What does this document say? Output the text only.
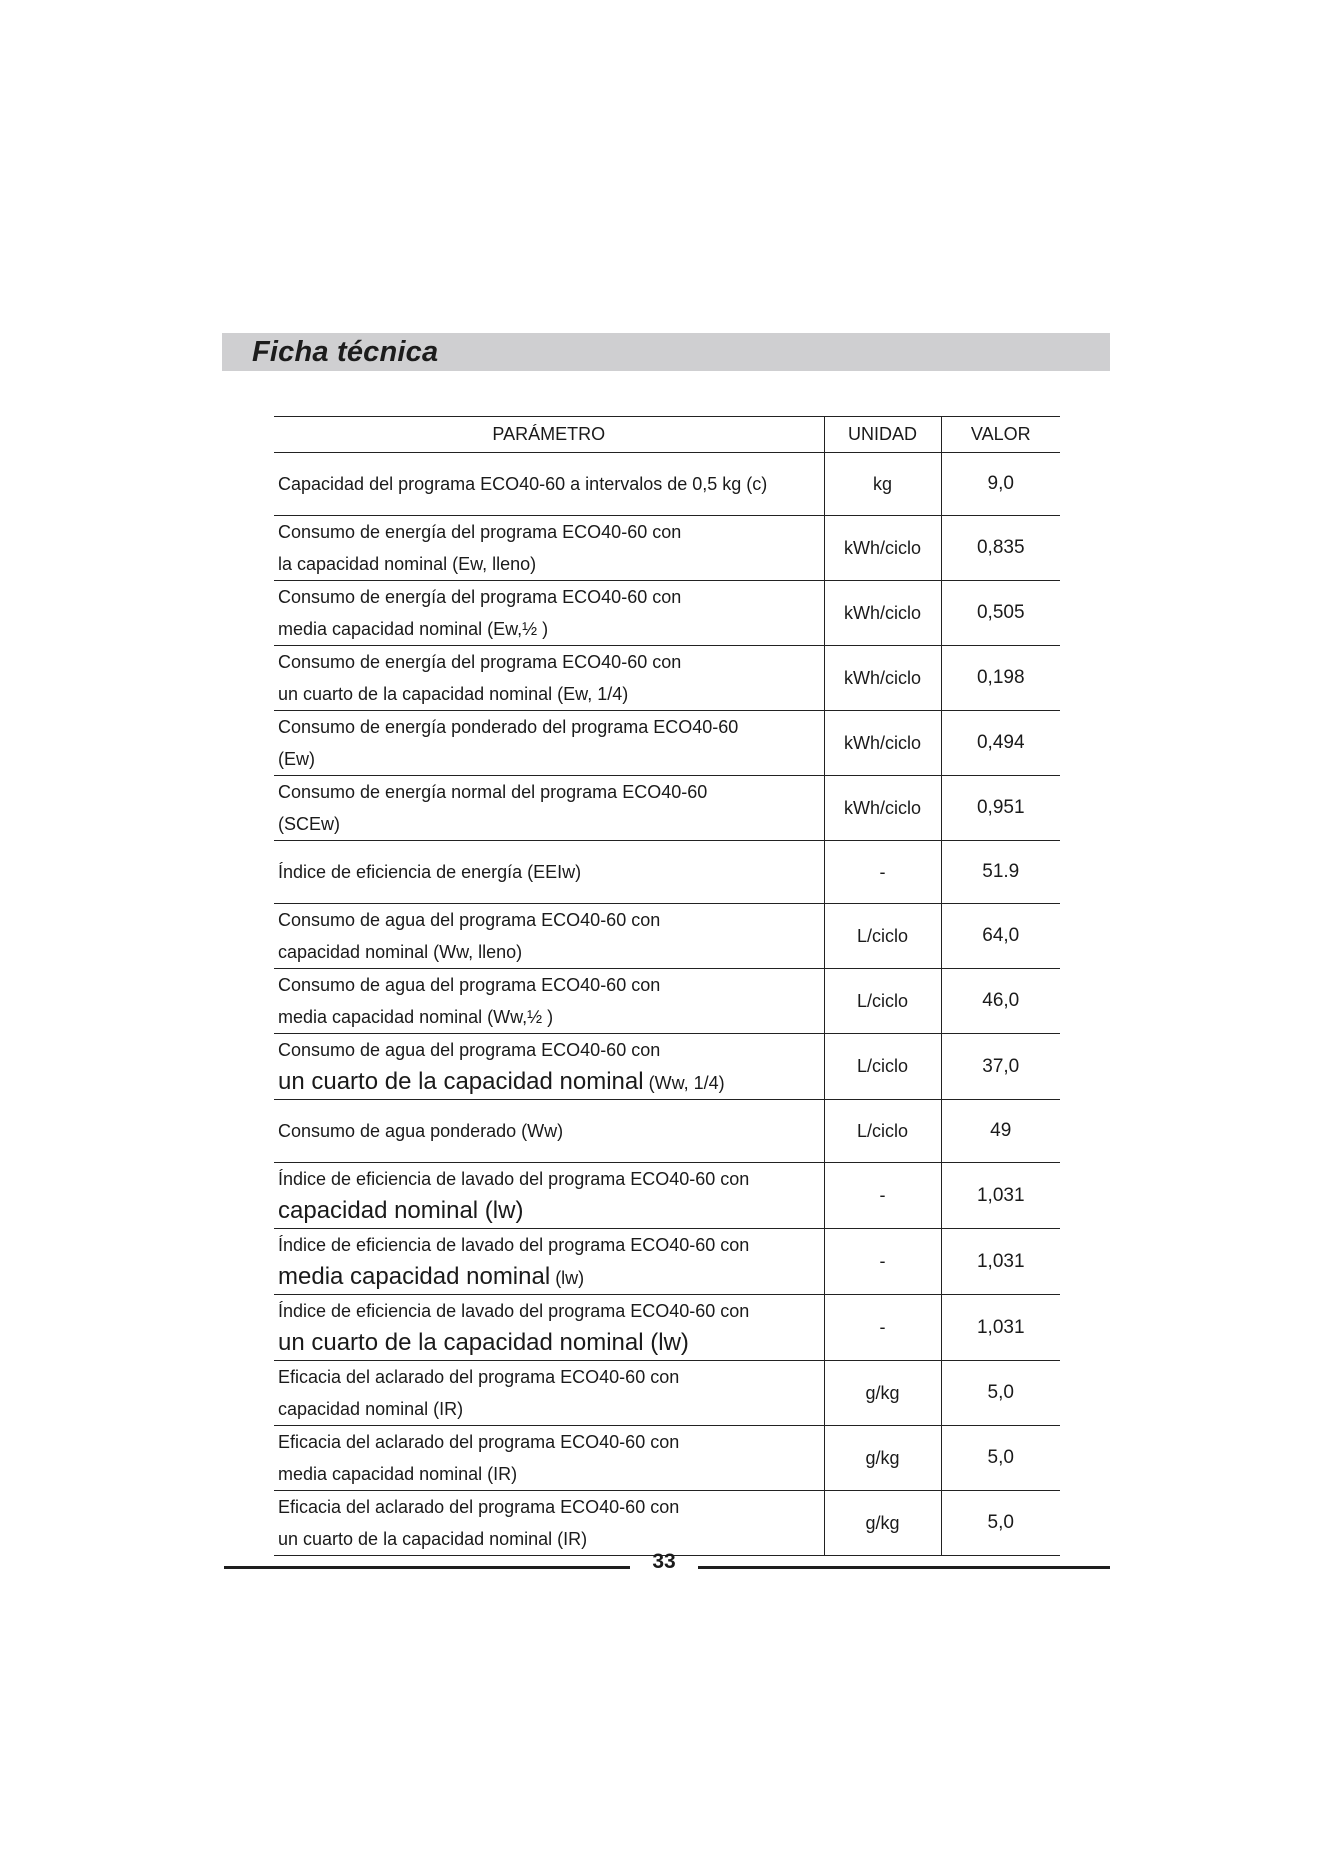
Ficha técnica
PARÁMETRO	UNIDAD	VALOR

Capacidad del programa ECO40-60 a intervalos de 0,5 kg (c)	kg	9,0

Consumo de energía del programa ECO40-60 con
la capacidad nominal (Ew, lleno)	kWh/ciclo	0,835

Consumo de energía del programa ECO40-60 con
media capacidad nominal (Ew,½ )	kWh/ciclo	0,505

Consumo de energía del programa ECO40-60 con
un cuarto de la capacidad nominal (Ew, 1/4)	kWh/ciclo	0,198

Consumo de energía ponderado del programa ECO40-60
(Ew)	kWh/ciclo	0,494

Consumo de energía normal del programa ECO40-60
(SCEw)	kWh/ciclo	0,951

Índice de eficiencia de energía (EEIw)	-	51.9

Consumo de agua del programa ECO40-60 con
capacidad nominal (Ww, lleno)	L/ciclo	64,0

Consumo de agua del programa ECO40-60 con
media capacidad nominal (Ww,½ )	L/ciclo	46,0

Consumo de agua del programa ECO40-60 con
un cuarto de la capacidad nominal (Ww, 1/4)	L/ciclo	37,0

Consumo de agua ponderado (Ww)	L/ciclo	49

Índice de eficiencia de lavado del programa ECO40-60 con
capacidad nominal (lw)	-	1,031

Índice de eficiencia de lavado del programa ECO40-60 con
media capacidad nominal (lw)	-	1,031

Índice de eficiencia de lavado del programa ECO40-60 con
un cuarto de la capacidad nominal (lw)	-	1,031

Eficacia del aclarado del programa ECO40-60 con
capacidad nominal (IR)	g/kg	5,0

Eficacia del aclarado del programa ECO40-60 con
media capacidad nominal (IR)	g/kg	5,0

Eficacia del aclarado del programa ECO40-60 con
un cuarto de la capacidad nominal (IR)	g/kg	5,0
33
